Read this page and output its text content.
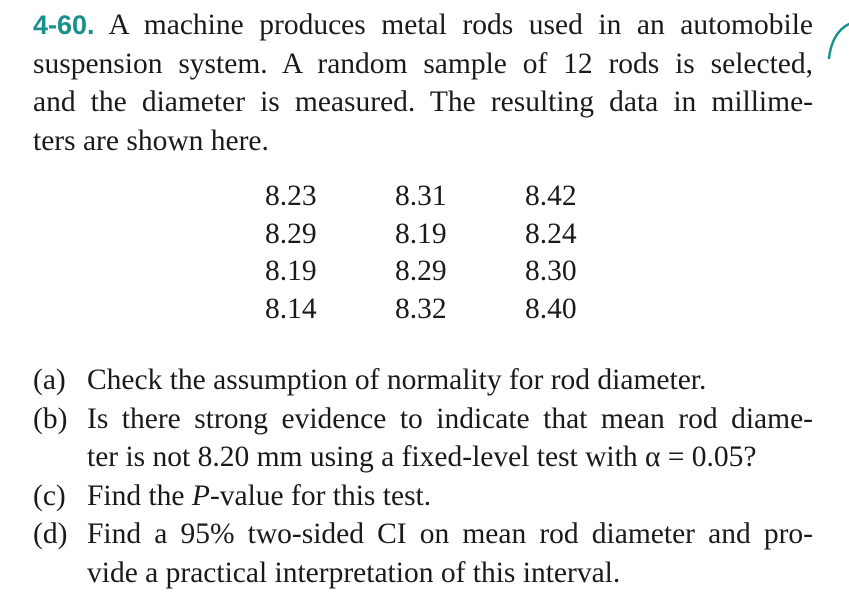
4-60. A machine produces metal rods used in an automobile
suspension system. A random sample of 12 rods is selected,
and the diameter is measured. The resulting data in millime-
ters are shown here.

8.23	8.31	8.42
8.29	8.19	8.24
8.19	8.29	8.30
8.14	8.32	8.40
(a) Check the assumption of normality for rod diameter.
(b) Is there strong evidence to indicate that mean rod diame-
ter is not 8.20 mm using a fixed-level test with α = 0.05?
(c) Find the P-value for this test.
(d) Find a 95% two-sided CI on mean rod diameter and pro-
vide a practical interpretation of this interval.
